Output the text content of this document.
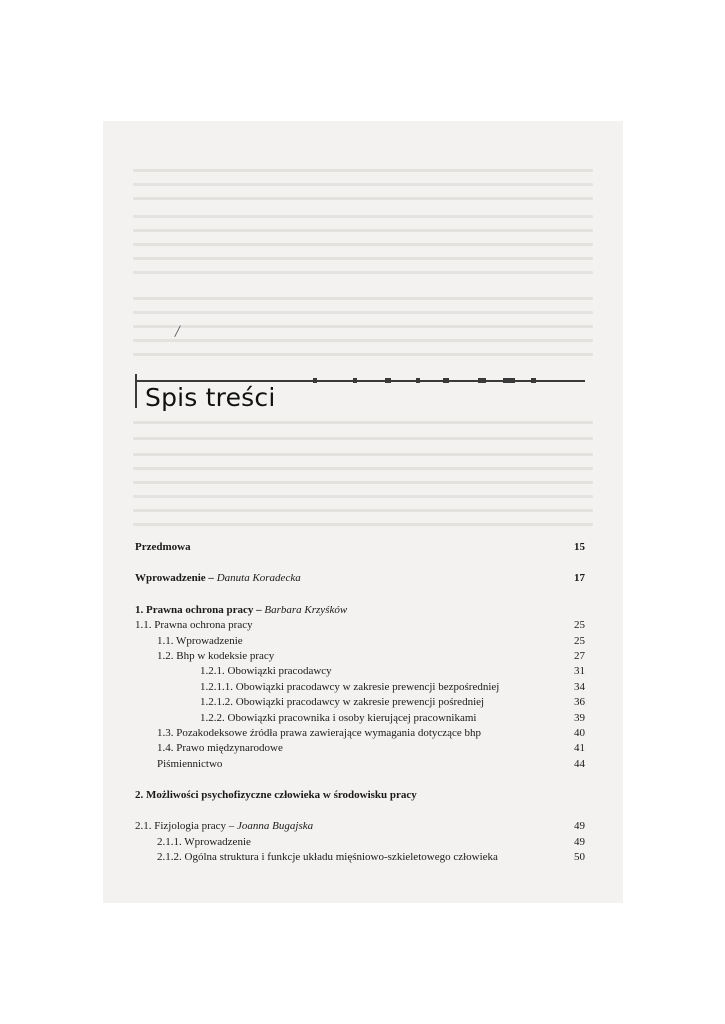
/
Spis treści
Przedmowa	15
Wprowadzenie – Danuta Koradecka	17
1. Prawna ochrona pracy – Barbara Krzyśków
1.1. Prawna ochrona pracy	25
1.1. Wprowadzenie	25
1.2. Bhp w kodeksie pracy	27
1.2.1. Obowiązki pracodawcy	31
1.2.1.1. Obowiązki pracodawcy w zakresie prewencji bezpośredniej	34
1.2.1.2. Obowiązki pracodawcy w zakresie prewencji pośredniej	36
1.2.2. Obowiązki pracownika i osoby kierującej pracownikami	39
1.3. Pozakodeksowe źródła prawa zawierające wymagania dotyczące bhp	40
1.4. Prawo międzynarodowe	41
Piśmiennictwo	44
2. Możliwości psychofizyczne człowieka w środowisku pracy
2.1. Fizjologia pracy – Joanna Bugajska	49
2.1.1. Wprowadzenie	49
2.1.2. Ogólna struktura i funkcje układu mięśniowo-szkieletowego człowieka	50
